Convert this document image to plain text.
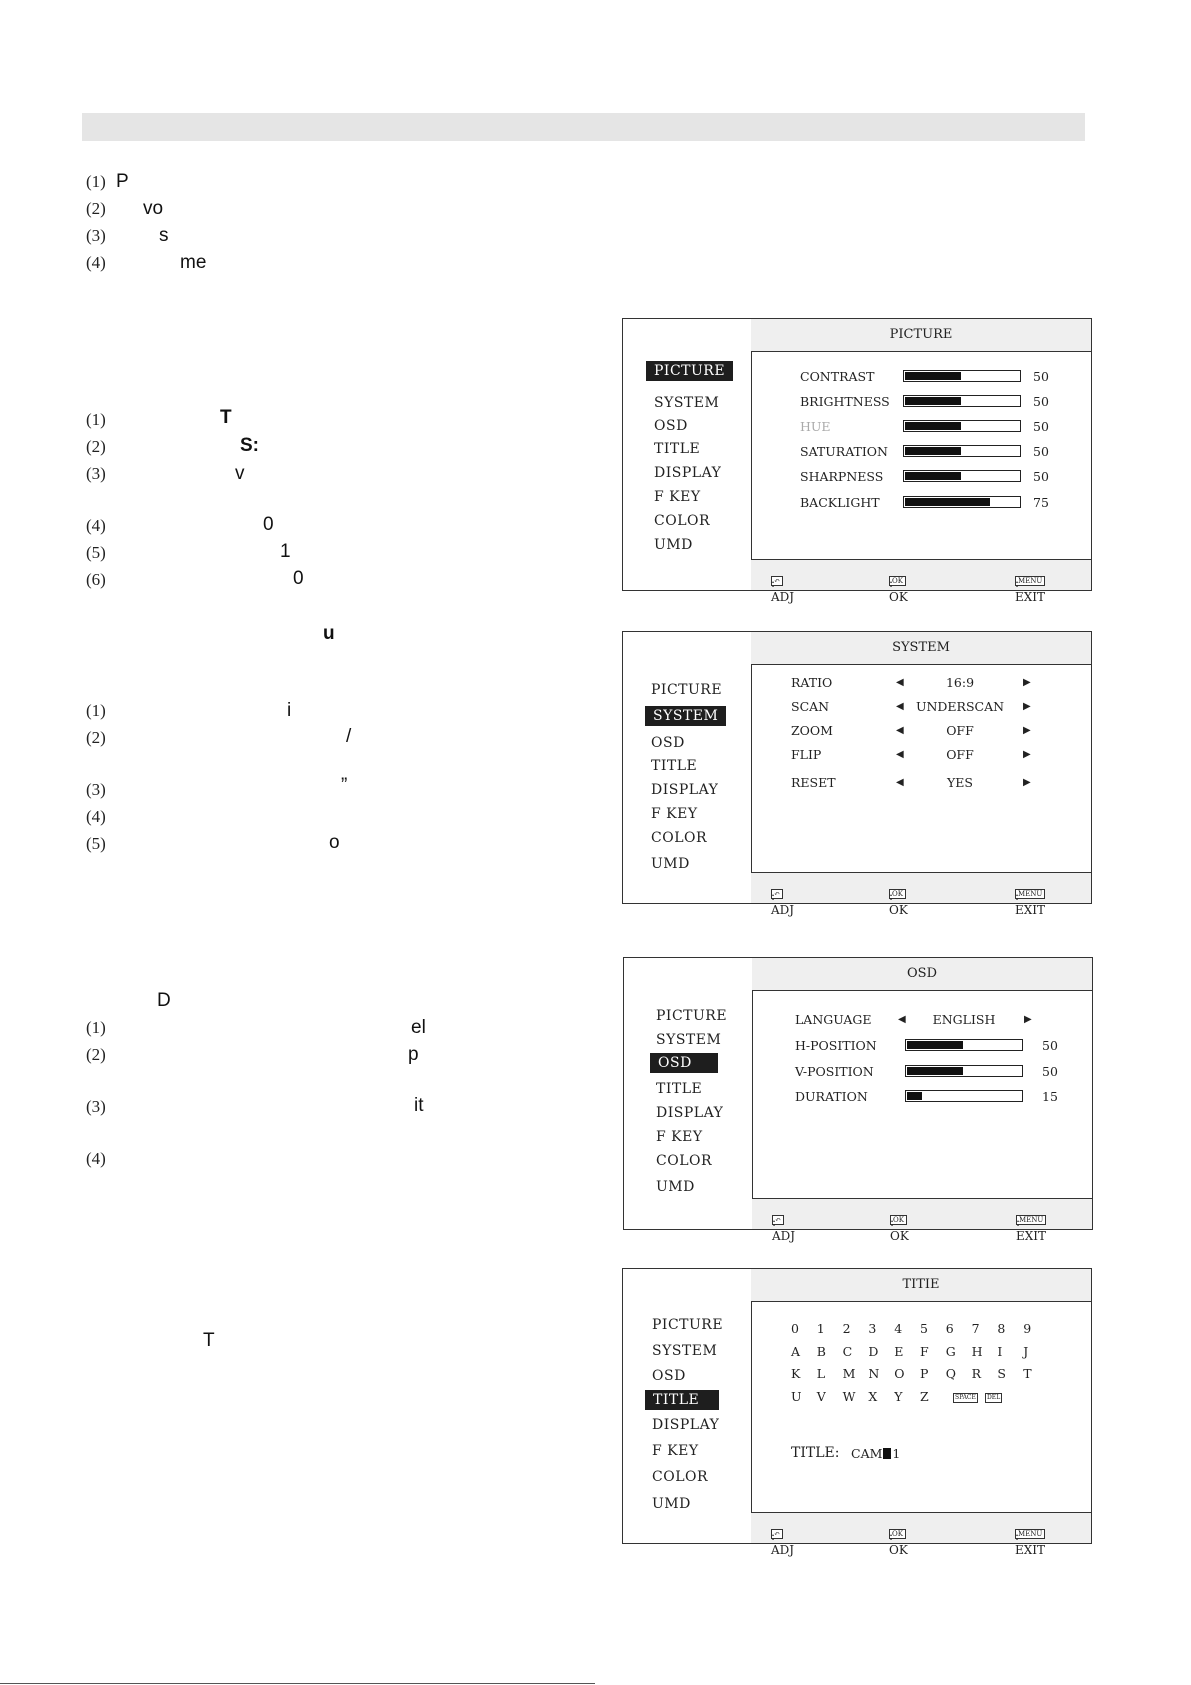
(1) P
(2) vo
(3)	s
(4)	me
(1)	T
(2)	S:
(3)	v
(4)	0
(5)	1
(6)	0
u
(1)	i
(2)	/
(3)	”
(4)
(5)	o
D
(1)	el
(2)	p
(3)	it
(4)
T
PICTURE
SYSTEM
OSD
TITLE
DISPLAY
F KEY
COLOR
UMD
PICTURE
CONTRAST	50
BRIGHTNESS	50
HUE	50
SATURATION	50
SHARPNESS	50
BACKLIGHT	75
↶
: ADJ
OK
: OK
MENU
: EXIT
PICTURE
SYSTEM
OSD
TITLE
DISPLAY
F KEY
COLOR
UMD
SYSTEM
RATIO	◀	16:9	▶
SCAN	◀ UNDERSCAN	▶
ZOOM	◀	OFF	▶
FLIP	◀	OFF	▶
RESET	◀	YES	▶
↶
: ADJ
OK
: OK
MENU
: EXIT
PICTURE
SYSTEM
OSD
TITLE
DISPLAY
F KEY
COLOR
UMD
OSD
LANGUAGE	◀	ENGLISH	▶
H-POSITION	50
V-POSITION	50
DURATION	15
↶
: ADJ
OK
: OK
MENU
: EXIT
PICTURE
SYSTEM
OSD
TITLE
DISPLAY
F KEY
COLOR
UMD
TITIE
0 1 2 3 4 5 6 7 8 9
A B C D E F G H I J
K L M N O P Q R S T
U V W X Y Z	SPACE	DEL
TITLE: CAM 1
↶
: ADJ
OK
: OK
MENU
: EXIT
